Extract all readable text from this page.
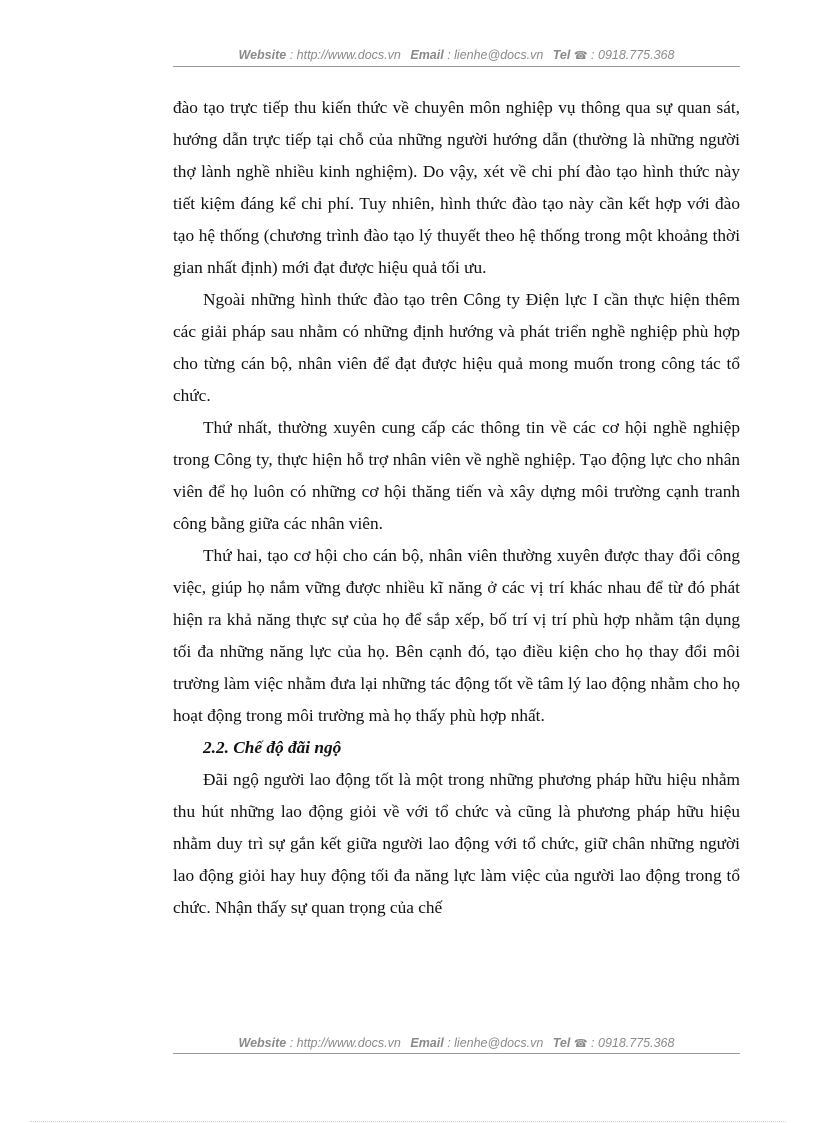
Website : http://www.docs.vn Email : lienhe@docs.vn Tel ☎ : 0918.775.368

đào tạo trực tiếp thu kiến thức về chuyên môn nghiệp vụ thông qua sự quan sát, hướng dẫn trực tiếp tại chỗ của những người hướng dẫn (thường là những người thợ lành nghề nhiều kinh nghiệm). Do vậy, xét về chi phí đào tạo hình thức này tiết kiệm đáng kể chi phí. Tuy nhiên, hình thức đào tạo này cần kết hợp với đào tạo hệ thống (chương trình đào tạo lý thuyết theo hệ thống trong một khoảng thời gian nhất định) mới đạt được hiệu quả tối ưu.

Ngoài những hình thức đào tạo trên Công ty Điện lực I cần thực hiện thêm các giải pháp sau nhằm có những định hướng và phát triển nghề nghiệp phù hợp cho từng cán bộ, nhân viên để đạt được hiệu quả mong muốn trong công tác tổ chức.

Thứ nhất, thường xuyên cung cấp các thông tin về các cơ hội nghề nghiệp trong Công ty, thực hiện hỗ trợ nhân viên về nghề nghiệp. Tạo động lực cho nhân viên để họ luôn có những cơ hội thăng tiến và xây dựng môi trường cạnh tranh công bằng giữa các nhân viên.

Thứ hai, tạo cơ hội cho cán bộ, nhân viên thường xuyên được thay đổi công việc, giúp họ nắm vững được nhiều kĩ năng ở các vị trí khác nhau để từ đó phát hiện ra khả năng thực sự của họ để sắp xếp, bố trí vị trí phù hợp nhằm tận dụng tối đa những năng lực của họ. Bên cạnh đó, tạo điều kiện cho họ thay đổi môi trường làm việc nhằm đưa lại những tác động tốt về tâm lý lao động nhằm cho họ hoạt động trong môi trường mà họ thấy phù hợp nhất.

2.2. Chế độ đãi ngộ

Đãi ngộ người lao động tốt là một trong những phương pháp hữu hiệu nhằm thu hút những lao động giỏi về với tổ chức và cũng là phương pháp hữu hiệu nhằm duy trì sự gắn kết giữa người lao động với tổ chức, giữ chân những người lao động giỏi hay huy động tối đa năng lực làm việc của người lao động trong tổ chức. Nhận thấy sự quan trọng của chế

Website : http://www.docs.vn Email : lienhe@docs.vn Tel ☎ : 0918.775.368
